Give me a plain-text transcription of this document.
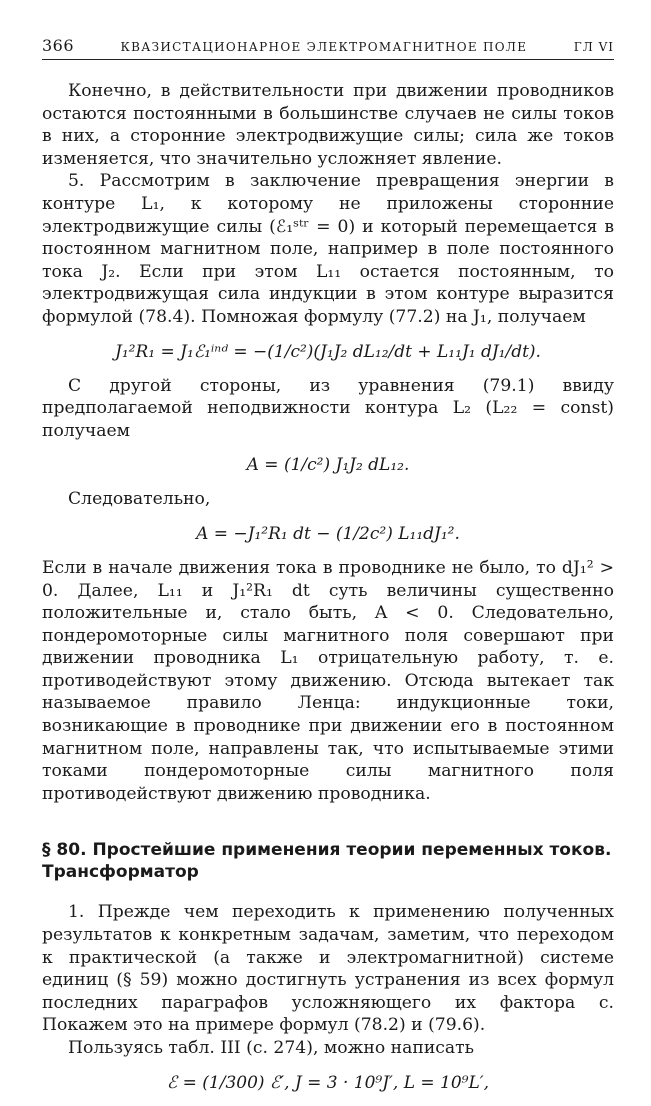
366	КВАЗИСТАЦИОНАРНОЕ ЭЛЕКТРОМАГНИТНОЕ ПОЛЕ	ГЛ VI

Конечно, в действительности при движении проводников остаются постоянными в большинстве случаев не силы токов в них, а сторонние электродвижущие силы; сила же токов изменяется, что значительно усложняет явление.

5. Рассмотрим в заключение превращения энергии в контуре L₁, к которому не приложены сторонние электродвижущие силы (ℰ₁ˢᵗʳ = 0) и который перемещается в постоянном магнитном поле, например в поле постоянного тока J₂. Если при этом L₁₁ остается постоянным, то электродвижущая сила индукции в этом контуре выразится формулой (78.4). Помножая формулу (77.2) на J₁, получаем

J₁²R₁ = J₁ℰ₁ⁱⁿᵈ = −(1/c²)(J₁J₂ dL₁₂/dt + L₁₁J₁ dJ₁/dt).

С другой стороны, из уравнения (79.1) ввиду предполагаемой неподвижности контура L₂ (L₂₂ = const) получаем

A = (1/c²) J₁J₂ dL₁₂.

Следовательно,

A = −J₁²R₁ dt − (1/2c²) L₁₁dJ₁².

Если в начале движения тока в проводнике не было, то dJ₁² > 0. Далее, L₁₁ и J₁²R₁ dt суть величины существенно положительные и, стало быть, A < 0. Следовательно, пондеромоторные силы магнитного поля совершают при движении проводника L₁ отрицательную работу, т. е. противодействуют этому движению. Отсюда вытекает так называемое правило Ленца: индукционные токи, возникающие в проводнике при движении его в постоянном магнитном поле, направлены так, что испытываемые этими токами пондеромоторные силы магнитного поля противодействуют движению проводника.

§ 80. Простейшие применения теории переменных токов. Трансформатор

1. Прежде чем переходить к применению полученных результатов к конкретным задачам, заметим, что переходом к практической (а также и электромагнитной) системе единиц (§ 59) можно достигнуть устранения из всех формул последних параграфов усложняющего их фактора c. Покажем это на примере формул (78.2) и (79.6).

Пользуясь табл. III (с. 274), можно написать

ℰ = (1/300) ℰ′, J = 3 · 10⁹J′, L = 10⁹L′,
